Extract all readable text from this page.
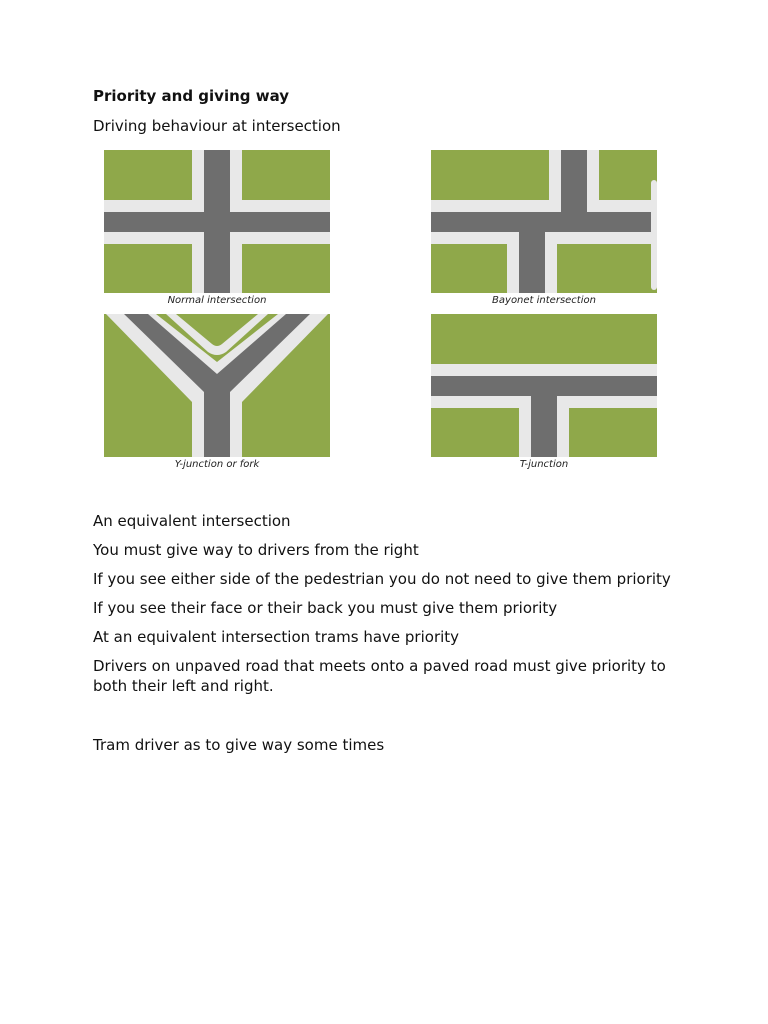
Priority and giving way
Driving behaviour at intersection
Normal intersection	Bayonet intersection
Y-junction or fork	T-junction
An equivalent intersection
You must give way to drivers from the right
If you see either side of the pedestrian you do not need to give them priority
If you see their face or their back you must give them priority
At an equivalent intersection trams have priority
Drivers on unpaved road that meets onto a paved road must give priority to both their left and right.
Tram driver as to give way some times
